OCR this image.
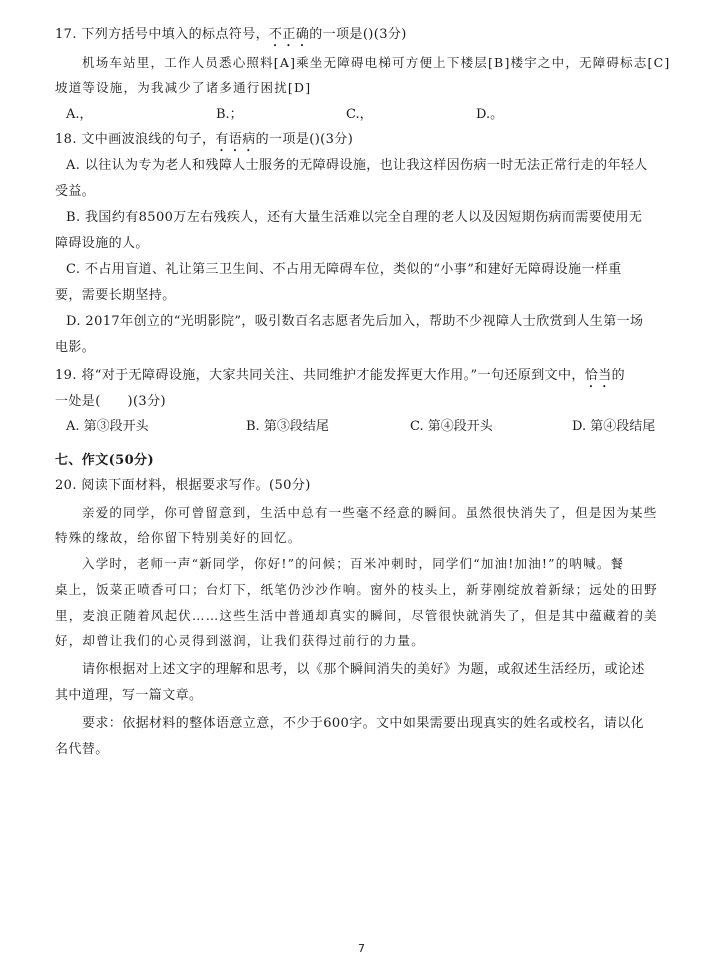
17. 下列方括号中填入的标点符号，不正确的一项是()(3分)
机场车站里，工作人员悉心照料[A]乘坐无障碍电梯可方便上下楼层[B]楼宇之中，无障碍标志[C]
坡道等设施，为我减少了诸多通行困扰[D]
A.，	B.；	C.，	D.。
18. 文中画波浪线的句子，有语病的一项是()(3分)
A. 以往认为专为老人和残障人士服务的无障碍设施，也让我这样因伤病一时无法正常行走的年轻人
受益。
B. 我国约有8500万左右残疾人，还有大量生活难以完全自理的老人以及因短期伤病而需要使用无
障碍设施的人。
C. 不占用盲道、礼让第三卫生间、不占用无障碍车位，类似的“小事”和建好无障碍设施一样重
要，需要长期坚持。
D. 2017年创立的“光明影院”，吸引数百名志愿者先后加入，帮助不少视障人士欣赏到人生第一场
电影。
19. 将“对于无障碍设施，大家共同关注、共同维护才能发挥更大作用。”一句还原到文中，恰当的
一处是(　　)(3分)
A. 第③段开头	B. 第③段结尾	C. 第④段开头	D. 第④段结尾
七、作文(50分)
20. 阅读下面材料，根据要求写作。(50分)
亲爱的同学，你可曾留意到，生活中总有一些毫不经意的瞬间。虽然很快消失了，但是因为某些
特殊的缘故，给你留下特别美好的回忆。
入学时，老师一声“新同学，你好!”的问候；百米冲刺时，同学们“加油!加油!”的呐喊。餐
桌上，饭菜正喷香可口；台灯下，纸笔仍沙沙作响。窗外的枝头上，新芽刚绽放着新绿；远处的田野
里，麦浪正随着风起伏……这些生活中普通却真实的瞬间，尽管很快就消失了，但是其中蕴藏着的美
好，却曾让我们的心灵得到滋润，让我们获得过前行的力量。
请你根据对上述文字的理解和思考，以《那个瞬间消失的美好》为题，或叙述生活经历，或论述
其中道理，写一篇文章。
要求：依据材料的整体语意立意，不少于600字。文中如果需要出现真实的姓名或校名，请以化
名代替。
7
